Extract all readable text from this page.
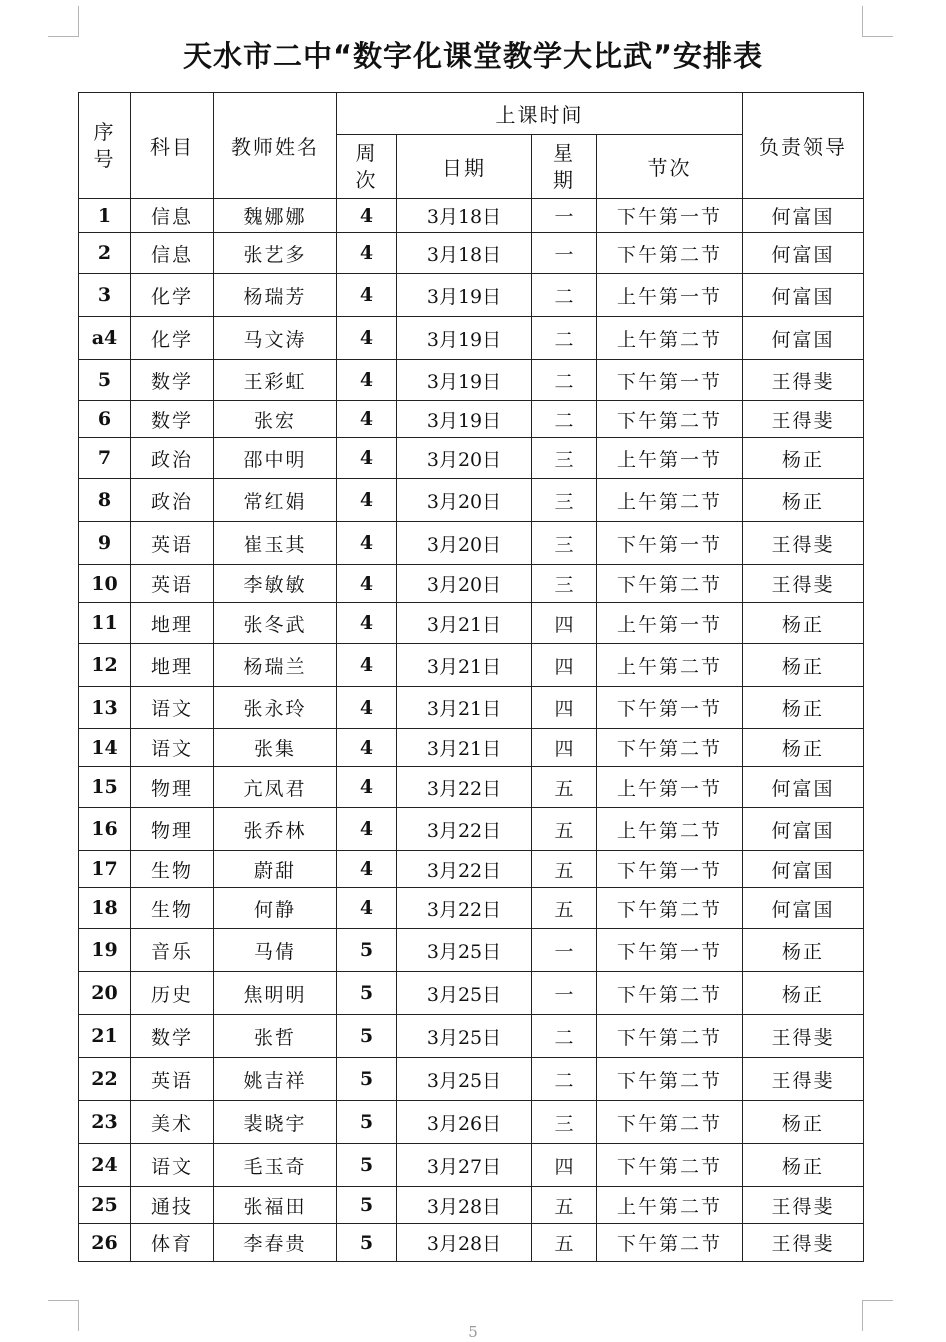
天水市二中“数字化课堂教学大比武”安排表
序号	科目	教师姓名	上课时间				负责领导

			周次	日期	星期	节次	
1	信息	魏娜娜	4	3月18日	一	下午第一节	何富国
2	信息	张艺多	4	3月18日	一	下午第二节	何富国
3	化学	杨瑞芳	4	3月19日	二	上午第一节	何富国
a4	化学	马文涛	4	3月19日	二	上午第二节	何富国
5	数学	王彩虹	4	3月19日	二	下午第一节	王得斐
6	数学	张宏	4	3月19日	二	下午第二节	王得斐
7	政治	邵中明	4	3月20日	三	上午第一节	杨正
8	政治	常红娟	4	3月20日	三	上午第二节	杨正
9	英语	崔玉其	4	3月20日	三	下午第一节	王得斐
10	英语	李敏敏	4	3月20日	三	下午第二节	王得斐
11	地理	张冬武	4	3月21日	四	上午第一节	杨正
12	地理	杨瑞兰	4	3月21日	四	上午第二节	杨正
13	语文	张永玲	4	3月21日	四	下午第一节	杨正
14	语文	张集	4	3月21日	四	下午第二节	杨正
15	物理	亢凤君	4	3月22日	五	上午第一节	何富国
16	物理	张乔林	4	3月22日	五	上午第二节	何富国
17	生物	蔚甜	4	3月22日	五	下午第一节	何富国
18	生物	何静	4	3月22日	五	下午第二节	何富国
19	音乐	马倩	5	3月25日	一	下午第一节	杨正
20	历史	焦明明	5	3月25日	一	下午第二节	杨正
21	数学	张哲	5	3月25日	二	下午第二节	王得斐
22	英语	姚吉祥	5	3月25日	二	下午第二节	王得斐
23	美术	裴晓宇	5	3月26日	三	下午第二节	杨正
24	语文	毛玉奇	5	3月27日	四	下午第二节	杨正
25	通技	张福田	5	3月28日	五	上午第二节	王得斐
26	体育	李春贵	5	3月28日	五	下午第二节	王得斐
5
